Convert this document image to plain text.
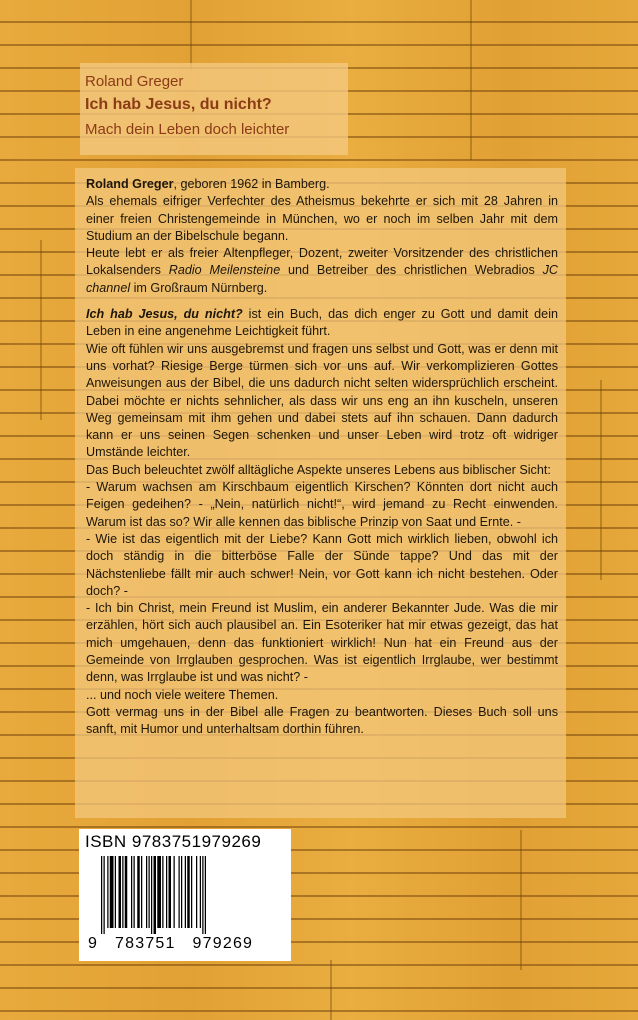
Roland Greger
Ich hab Jesus, du nicht?
Mach dein Leben doch leichter

Roland Greger, geboren 1962 in Bamberg.

Als ehemals eifriger Verfechter des Atheismus bekehrte er sich mit 28 Jahren in einer freien Christengemeinde in München, wo er noch im selben Jahr mit dem Studium an der Bibelschule begann.

Heute lebt er als freier Altenpfleger, Dozent, zweiter Vorsitzender des christlichen Lokalsenders Radio Meilensteine und Betreiber des christlichen Webradios JC channel im Großraum Nürnberg.

Ich hab Jesus, du nicht? ist ein Buch, das dich enger zu Gott und damit dein Leben in eine angenehme Leichtigkeit führt.

Wie oft fühlen wir uns ausgebremst und fragen uns selbst und Gott, was er denn mit uns vorhat? Riesige Berge türmen sich vor uns auf. Wir verkomplizieren Gottes Anweisungen aus der Bibel, die uns dadurch nicht selten widersprüchlich erscheint. Dabei möchte er nichts sehnlicher, als dass wir uns eng an ihn kuscheln, unseren Weg gemeinsam mit ihm gehen und dabei stets auf ihn schauen. Dann dadurch kann er uns seinen Segen schenken und unser Leben wird trotz oft widriger Umstände leichter.

Das Buch beleuchtet zwölf alltägliche Aspekte unseres Lebens aus biblischer Sicht:

- Warum wachsen am Kirschbaum eigentlich Kirschen? Könnten dort nicht auch Feigen gedeihen? - „Nein, natürlich nicht!“, wird jemand zu Recht einwenden. Warum ist das so? Wir alle kennen das biblische Prinzip von Saat und Ernte. -

- Wie ist das eigentlich mit der Liebe? Kann Gott mich wirklich lieben, obwohl ich doch ständig in die bitterböse Falle der Sünde tappe? Und das mit der Nächstenliebe fällt mir auch schwer! Nein, vor Gott kann ich nicht bestehen. Oder doch? -

- Ich bin Christ, mein Freund ist Muslim, ein anderer Bekannter Jude. Was die mir erzählen, hört sich auch plausibel an. Ein Esoteriker hat mir etwas gezeigt, das hat mich umgehauen, denn das funktioniert wirklich! Nun hat ein Freund aus der Gemeinde von Irrglauben gesprochen. Was ist eigentlich Irrglaube, wer bestimmt denn, was Irrglaube ist und was nicht? -

... und noch viele weitere Themen.

Gott vermag uns in der Bibel alle Fragen zu beantworten. Dieses Buch soll uns sanft, mit Humor und unterhaltsam dorthin führen.

ISBN 9783751979269
9   783751   979269
